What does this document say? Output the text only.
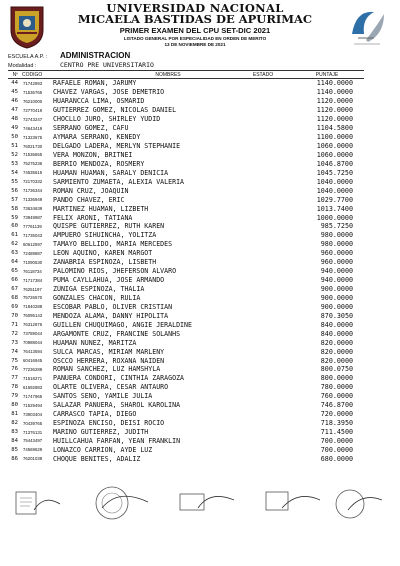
UNIVERSIDAD NACIONAL
MICAELA BASTIDAS DE APURIMAC
PRIMER EXAMEN DEL CPU SET-DIC 2021
LISTADO GENERAL POR ESPECIALIDAD EN ORDEN DE MERITO
13 DE NOVIEMBRE DE 2021
ESCUELA A.P. :	ADMINISTRACION
Modalidad :	CENTRO PRE UNIVERSITARIO
Nº CODIGO	NOMBRES	ESTADO	PUNTAJE
44	71742893	RAFAELE ROMAN, JARUMY	1140.0000
45	71536765	CHAVEZ VARGAS, JOSE DEMETRIO	1140.0000
46	76210000	HUARANCCA LIMA, OSMARID	1120.0000
47	72770419	GUTIERREZ GOMEZ, NICOLAS DANIEL	1120.0000
48	72743247	CHOCLLO JURO, SHIRLEY YUDID	1120.0000
49	74643419	SERRANO GOMEZ, CAFU	1104.5800
50	71323675	AYMARA SERRANO, KENEDY	1100.0000
51	76021730	DELGADO LADERA, MERLYN STEPHANIE	1060.0000
52	71536655	VERA MONZON, BRITNEI	1060.0000
53	75275236	BERRIO MENDOZA, ROSMERY	1046.8700
54	74535615	HUAMAN HUAMAN, SARALY DENICIA	1045.7250
55	72170332	SARMIENTO ZUMAETA, ALEXIA VALERIA	1040.0000
56	71736344	ROMÁN CRUZ, JOAQUÍN	1040.0000
57	71336949	PANDO CHAVEZ, ERIC	1029.7700
58	73634639	MARTINEZ HUAMAN, LIZBETH	1013.7400
59	73949987	FELIX ARONI, TATIANA	1000.0000
60	77761139	QUISPE GUTIERREZ, RUTH KAREN	985.7250
61	71735043	AMPUERO SIHUINCHA, YOLITZA	980.0000
62	60612597	TAMAYO BELLIDO, MARIA MERCEDES	980.0000
63	72489887	LEON AQUINO, KAREN MARGOT	960.0000
64	71090530	ZANABRIA ESPINOZA, LISBETH	960.0000
65	76118734	PALOMINO RIOS, JHEFERSON ALVARO	940.0000
66	71717384	PUMA CAYLLAHUA, JOSE ARMANDO	940.0000
67	76251197	ZÚÑIGA ESPINOZA, THALIA	900.0000
68	75726570	GONZALES CHACON, RULIA	900.0000
69	71840288	ESCOBAR PABLO, OLIVER CRISTIAN	900.0000
70	76095143	MENDOZA ALAMA, DANNY HIPOLITA	870.3050
71	76312876	GUILLEN CHUQUIMAGO, ANGIE JERALDINE	840.0000
72	73789044	ARGAMONTE CRUZ, FRANCINE SOLANHS	840.0000
73	70988044	HUAMAN NUÑEZ, MARITZA	820.0000
74	76413594	SULCA MARCAS, MIRIAM MARLENY	820.0000
75	60416945	OSCCO HERRERA, ROXANA NAIDEN	820.0000
76	77236289	ROMAN SANCHEZ, LUZ HAMSHYLA	800.0750
77	71518271	PANUERA CONDORI, CINTHIA ZARAGOZA	800.0000
78	61692883	OLARTE OLIVERA, CESAR ANTAURO	780.0000
79	71747965	SANTOS SEÑO, YAMILE JULIA	760.0000
80	71529494	SALAZAR PANUERA, SHAROL KAROLINA	746.8700
81	73903404	CARRASCO TAPIA, DIEGO	720.0000
82	70439765	ESPINOZA ENCISO, DEISI ROCIO	718.3950
83	71376131	MARIÑO GUTIERREZ, JUDITH	711.4500
84	75443497	HUILLCAHUA FARFAN, YEAN FRANKLIN	700.0000
85	74569629	LONAZCO CARRION, AYDE LUZ	700.0000
86	76201038	CHOQUE BENITES, ADALIZ	680.0000
